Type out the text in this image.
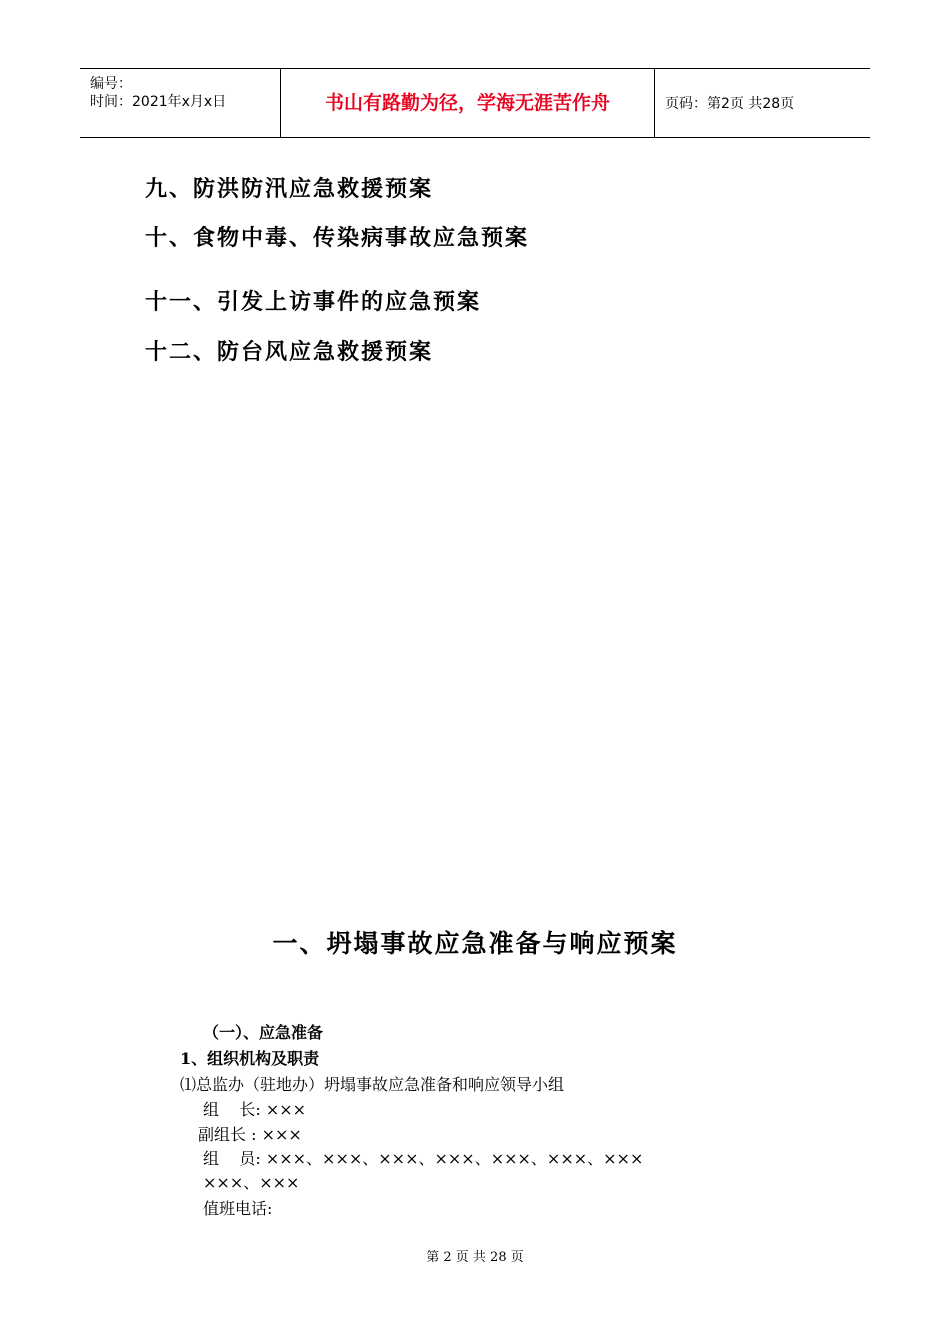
编号：
时间：2021年x月x日	书山有路勤为径，学海无涯苦作舟	页码：第2页 共28页
九、防洪防汛应急救援预案
十、食物中毒、传染病事故应急预案
十一、引发上访事件的应急预案
十二、防台风应急救援预案
一、坍塌事故应急准备与响应预案
（一）、应急准备
1、组织机构及职责
⑴总监办（驻地办）坍塌事故应急准备和响应领导小组
组    长: ×××
副组长 : ×××
组    员: ×××、×××、×××、×××、×××、×××、×××
×××、×××
值班电话:
第 2 页 共 28 页
